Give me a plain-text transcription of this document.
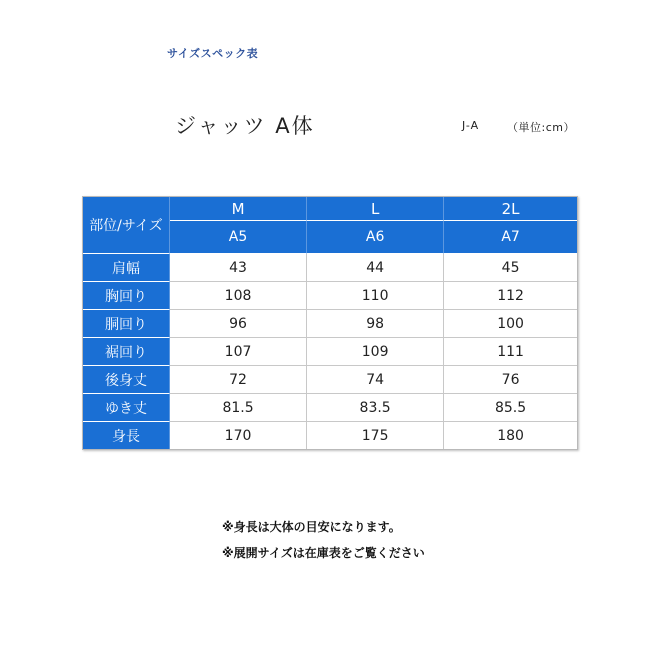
サイズスペック表
ジャッツ A体	J-A	（単位:cm）
部位/サイズ	M	L	2L
	A5	A6	A7
肩幅	43	44	45
胸回り	108	110	112
胴回り	96	98	100
裾回り	107	109	111
後身丈	72	74	76
ゆき丈	81.5	83.5	85.5
身長	170	175	180
※身長は大体の目安になります。
※展開サイズは在庫表をご覧ください
